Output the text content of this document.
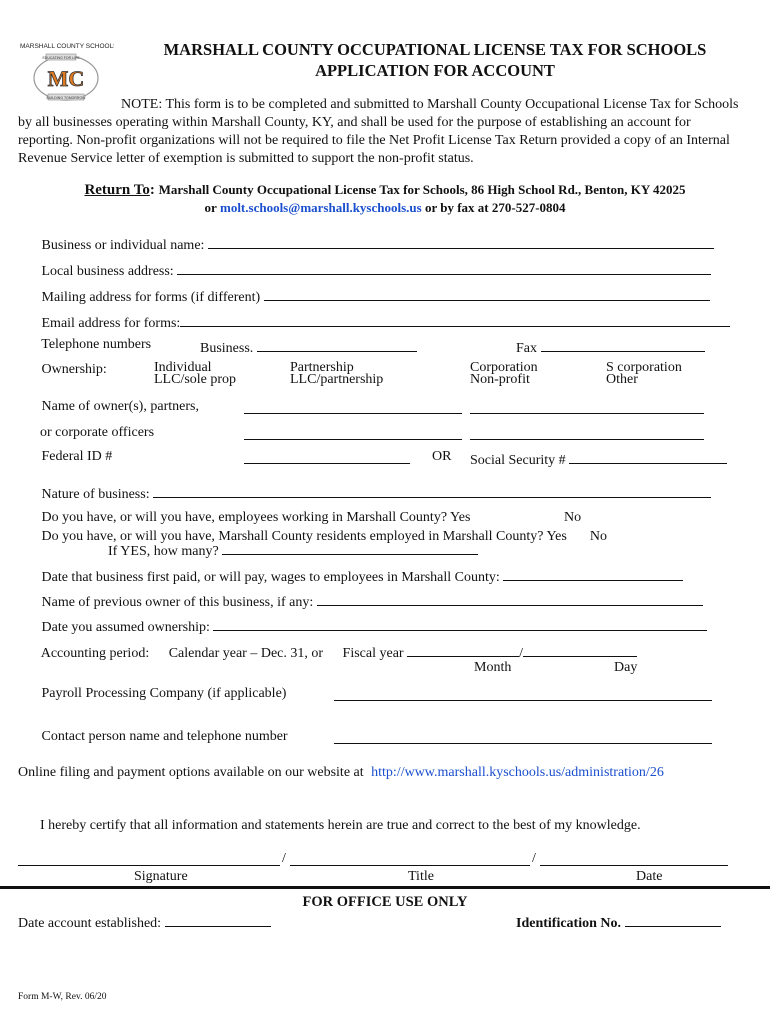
MARSHALL COUNTY SCHOOLS
EDUCATING FOR LIFE
MC
BUILDING TOMORROW
MARSHALL COUNTY OCCUPATIONAL LICENSE TAX FOR SCHOOLS
APPLICATION FOR ACCOUNT
NOTE: This form is to be completed and submitted to Marshall County Occupational License Tax for Schools by all businesses operating within Marshall County, KY, and shall be used for the purpose of establishing an account for reporting. Non-profit organizations will not be required to file the Net Profit License Tax Return provided a copy of an Internal Revenue Service letter of exemption is submitted to support the non-profit status.
Return To: Marshall County Occupational License Tax for Schools, 86 High School Rd., Benton, KY 42025
or molt.schools@marshall.kyschools.us or by fax at 270-527-0804
Business or individual name:
Local business address:
Mailing address for forms (if different)
Email address for forms:
Telephone numbers	Business.	Fax
Ownership:	Individual
LLC/sole prop
Partnership
LLC/partnership
Corporation
Non-profit
S corporation
Other
Name of owner(s), partners,
or corporate officers
Federal ID #	OR Social Security #
Nature of business:
Do you have, or will you have, employees working in Marshall County? Yes	No
Do you have, or will you have, Marshall County residents employed in Marshall County? Yes No
If YES, how many?
Date that business first paid, or will pay, wages to employees in Marshall County:
Name of previous owner of this business, if any:
Date you assumed ownership:
Accounting period: Calendar year – Dec. 31, or Fiscal year	/
Month	Day
Payroll Processing Company (if applicable)
Contact person name and telephone number
Online filing and payment options available on our website at http://www.marshall.kyschools.us/administration/26
I hereby certify that all information and statements herein are true and correct to the best of my knowledge.
/	/
Signature	Title	Date
FOR OFFICE USE ONLY
Date account established:	Identification No.
Form M-W, Rev. 06/20
